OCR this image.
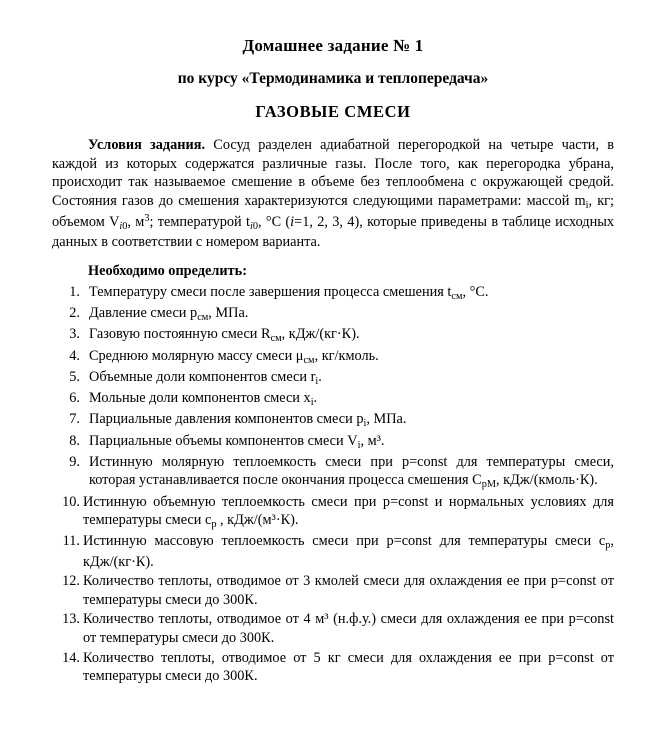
Домашнее задание № 1
по курсу «Термодинамика и теплопередача»
ГАЗОВЫЕ СМЕСИ

Условия задания. Сосуд разделен адиабатной перегородкой на четыре части, в каждой из которых содержатся различные газы. После того, как перегородка убрана, происходит так называемое смешение в объеме без теплообмена с окружающей средой. Состояния газов до смешения характеризуются следующими параметрами: массой $m_i$, кг; объемом $V_{i0}$, $м^3$; температурой $t_{i0}$, °C (i=1, 2, 3, 4), которые приведены в таблице исходных данных в соответствии с номером варианта.

Необходимо определить:

1. Температуру смеси после завершения процесса смешения $t_{см}$, °C.
2. Давление смеси $p_{см}$, МПа.
3. Газовую постоянную смеси $R_{см}$, кДж/(кг·К).
4. Среднюю молярную массу смеси $\mu_{см}$, кг/кмоль.
5. Объемные доли компонентов смеси $r_i$.
6. Мольные доли компонентов смеси $x_i$.
7. Парциальные давления компонентов смеси $p_i$, МПа.
8. Парциальные объемы компонентов смеси $V_i$, м³.
9. Истинную молярную теплоемкость смеси при p=const для температуры смеси, которая устанавливается после окончания процесса смешения $C_{рМ}$, кДж/(кмоль·К).
10. Истинную объемную теплоемкость смеси при p=const и нормальных условиях для температуры смеси $c_р$ , кДж/(м³·К).
11. Истинную массовую теплоемкость смеси при p=const для температуры смеси $c_р$, кДж/(кг·К).
12. Количество теплоты, отводимое от 3 кмолей смеси для охлаждения ее при p=const от температуры смеси до 300К.
13. Количество теплоты, отводимое от 4 м³ (н.ф.у.) смеси для охлаждения ее при p=const от температуры смеси до 300К.
14. Количество теплоты, отводимое от 5 кг смеси для охлаждения ее при p=const от температуры смеси до 300К.
